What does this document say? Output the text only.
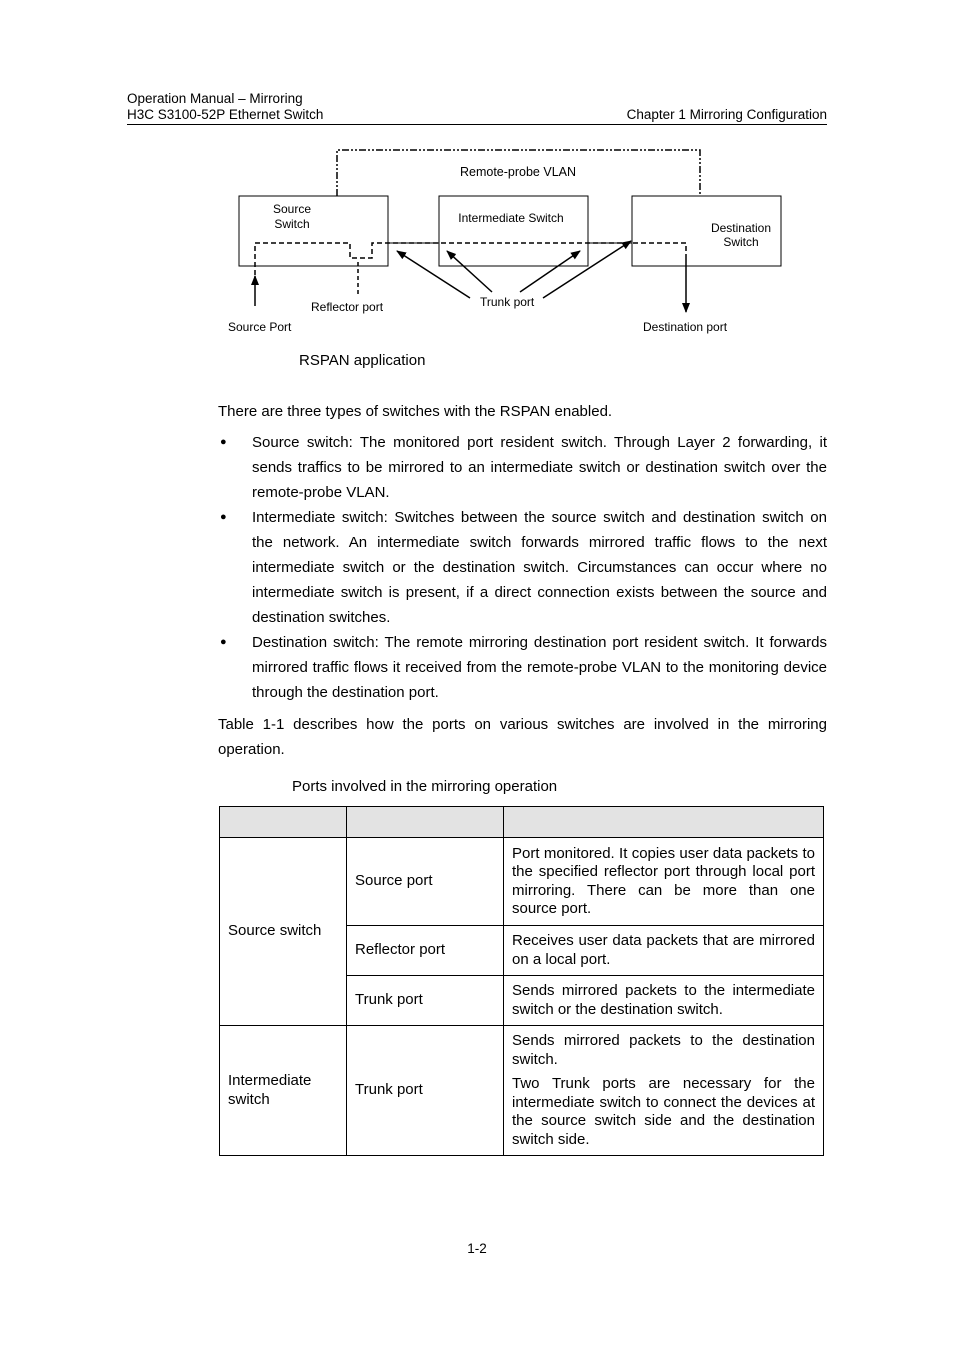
Operation Manual – Mirroring
H3C S3100-52P Ethernet Switch	Chapter 1 Mirroring Configuration
Remote-probe VLAN
Source
Switch	Intermediate Switch
Destination
Switch
Reflector port	Trunk port
Source Port	Destination port
RSPAN application
There are three types of switches with the RSPAN enabled.
● Source switch: The monitored port resident switch. Through Layer 2 forwarding, it sends traffics to be mirrored to an intermediate switch or destination switch over the remote-probe VLAN.
● Intermediate switch: Switches between the source switch and destination switch on the network. An intermediate switch forwards mirrored traffic flows to the next intermediate switch or the destination switch. Circumstances can occur where no intermediate switch is present, if a direct connection exists between the source and destination switches.
● Destination switch: The remote mirroring destination port resident switch. It forwards mirrored traffic flows it received from the remote-probe VLAN to the monitoring device through the destination port.
Table 1-1 describes how the ports on various switches are involved in the mirroring operation.
Ports involved in the mirroring operation

Source switch	Source port	Port monitored. It copies user data packets to the specified reflector port through local port mirroring. There can be more than one source port.

	Reflector port	Receives user data packets that are mirrored on a local port.

	Trunk port	Sends mirrored packets to the intermediate switch or the destination switch.

Intermediate switch	Trunk port	Sends mirrored packets to the destination switch.

Two Trunk ports are necessary for the intermediate switch to connect the devices at the source switch side and the destination switch side.

1-2
